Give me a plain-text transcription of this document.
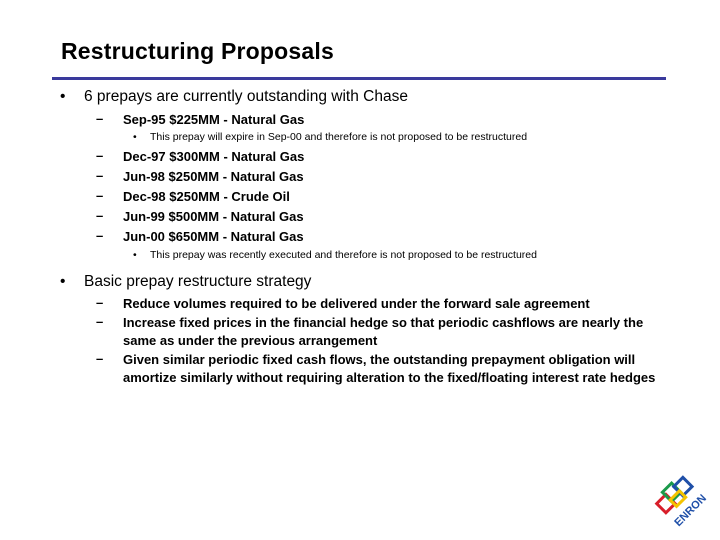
Restructuring Proposals
• 6 prepays are currently outstanding with Chase
–	Sep-95 $225MM - Natural Gas
• This prepay will expire in Sep-00 and therefore is not proposed to be restructured
–	Dec-97 $300MM - Natural Gas
–	Jun-98 $250MM - Natural Gas
–	Dec-98 $250MM - Crude Oil
–	Jun-99 $500MM - Natural Gas
–	Jun-00 $650MM - Natural Gas
• This prepay was recently executed and therefore is not proposed to be restructured
• Basic prepay restructure strategy
–	Reduce volumes required to be delivered under the forward sale agreement
–	Increase fixed prices in the financial hedge so that periodic cashflows are nearly the same as under the previous arrangement
–	Given similar periodic fixed cash flows, the outstanding prepayment obligation will amortize similarly without requiring alteration to the fixed/floating interest rate hedges
ENRON
